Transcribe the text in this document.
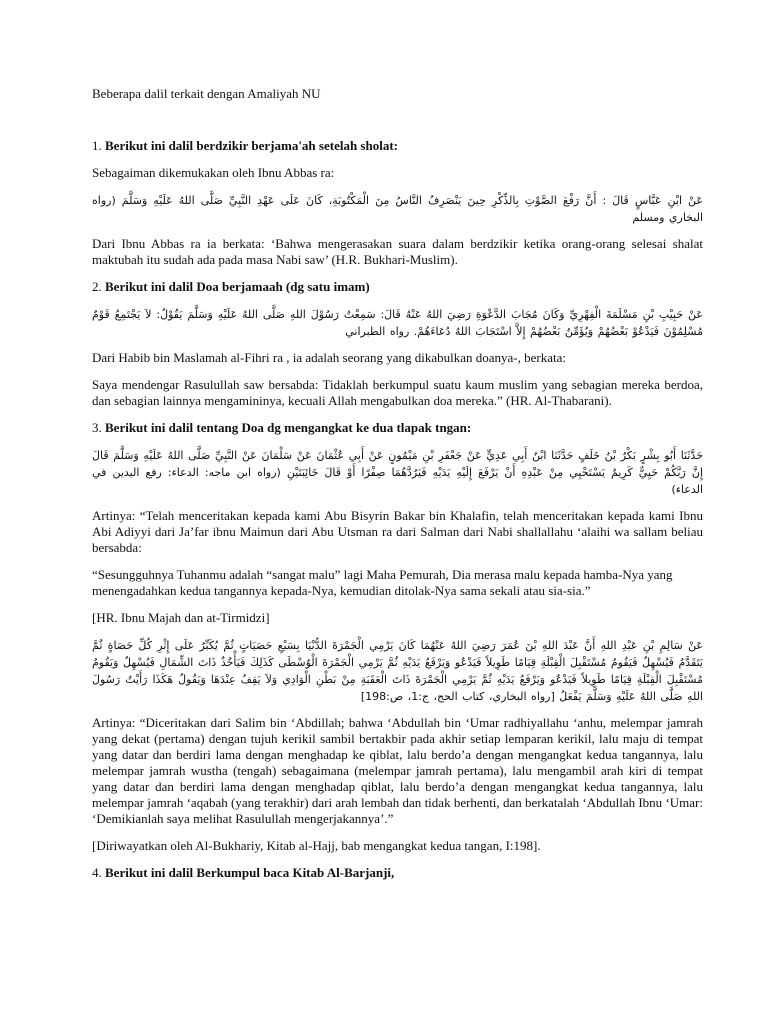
Beberapa dalil terkait dengan Amaliyah NU
1. Berikut ini dalil berdzikir berjama'ah setelah sholat:
Sebagaiman dikemukakan oleh Ibnu Abbas ra:
عَنْ ابْنِ عَبَّاسٍ قَالَ : أَنَّ رَفْعَ الصَّوْتِ بِالذِّكْرِ حِينَ يَنْصَرِفُ النَّاسُ مِنَ الْمَكْتُوبَةِ، كَانَ عَلَى عَهْدِ النَّبِيِّ صَلَّى اللهُ عَلَيْهِ وَسَلَّمَ (رواه البخاري ومسلم
Dari Ibnu Abbas ra ia berkata: ‘Bahwa mengerasakan suara dalam berdzikir ketika orang-orang selesai shalat maktubah itu sudah ada pada masa Nabi saw’ (H.R. Bukhari-Muslim).
2. Berikut ini dalil Doa berjamaah (dg satu imam)
عَنْ حَبِيْبِ بْنِ مَسْلَمَةَ الْفِهْرِيِّ وَكَانَ مُجَابَ الدَّعْوَةِ رَضِيَ اللهُ عَنْهُ قَالَ: سَمِعْتُ رَسُوْلَ اللهِ صَلَّى اللهُ عَلَيْهِ وَسَلَّمَ يَقُوْلُ: لاَ يَجْتَمِعُ قَوْمٌ مُسْلِمُوْنَ فَيَدْعُوْ بَعْضُهُمْ وَيُؤَمِّنُ بَعْضُهُمْ إِلاَّ اسْتَجَابَ اللهُ دُعَاءَهُمْ. رواه الطبراني
Dari Habib bin Maslamah al-Fihri ra , ia adalah seorang yang dikabulkan doanya-, berkata:
Saya mendengar Rasulullah saw bersabda: Tidaklah berkumpul suatu kaum muslim yang sebagian mereka berdoa, dan sebagian lainnya mengamininya, kecuali Allah mengabulkan doa mereka.” (HR. Al-Thabarani).
3. Berikut ini dalil tentang Doa dg mengangkat ke dua tlapak tngan:
حَدَّثَنَا أَبُو بِشْرٍ بَكْرُ بْنُ خَلَفٍ حَدَّثَنَا ابْنُ أَبِي عَدِيٍّ عَنْ جَعْفَرِ بْنِ مَيْمُونٍ عَنْ أَبِي عُثْمَانَ عَنْ سَلْمَانَ عَنْ النَّبِيِّ صَلَّى اللهُ عَلَيْهِ وَسَلَّمَ قَالَ إِنَّ رَبَّكُمْ حَيِيٌّ كَرِيمٌ يَسْتَحْيِي مِنْ عَبْدِهِ أَنْ يَرْفَعَ إِلَيْهِ يَدَيْهِ فَيَرُدَّهُمَا صِفْرًا أَوْ قَالَ خَائِبَتَيْنِ (رواه ابن ماجه: الدعاء: رفع اليدين في الدعاء)
Artinya: “Telah menceritakan kepada kami Abu Bisyrin Bakar bin Khalafin, telah menceritakan kepada kami Ibnu Abi Adiyyi dari Ja’far ibnu Maimun dari Abu Utsman ra dari Salman dari Nabi shallallahu ‘alaihi wa sallam beliau bersabda:
“Sesungguhnya Tuhanmu adalah “sangat malu” lagi Maha Pemurah, Dia merasa malu kepada hamba-Nya yang menengadahkan kedua tangannya kepada-Nya, kemudian ditolak-Nya sama sekali atau sia-sia.”
[HR. Ibnu Majah dan at-Tirmidzi]
عَنْ سَالِمِ بْنِ عَبْدِ اللهِ أَنَّ عَبْدَ اللهِ بْنَ عُمَرَ رَضِيَ اللهُ عَنْهُمَا كَانَ يَرْمِي الْجَمْرَةَ الدُّنْيَا بِسَبْعِ حَصَيَاتٍ ثُمَّ يُكَبِّرُ عَلَى إِثْرِ كُلِّ حَصَاةٍ ثُمَّ يَتَقَدَّمُ فَيُسْهِلُ فَيَقُومُ مُسْتَقْبِلَ الْقِبْلَةِ قِيَامًا طَوِيلاً فَيَدْعُو وَيَرْفَعُ يَدَيْهِ ثُمَّ يَرْمِي الْجَمْرَةَ الْوُسْطَى كَذَلِكَ فَيَأْخُذُ ذَاتَ الشِّمَالِ فَيُسْهِلُ وَيَقُومُ مُسْتَقْبِلَ الْقِبْلَةِ قِيَامًا طَوِيلاً فَيَدْعُو وَيَرْفَعُ يَدَيْهِ ثُمَّ يَرْمِي الْجَمْرَةَ ذَاتَ الْعَقَبَةِ مِنْ بَطْنِ الْوَادِي وَلاَ يَقِفُ عِنْدَهَا وَيَقُولُ هَكَذَا رَأَيْتُ رَسُولَ اللهِ صَلَّى اللهُ عَلَيْهِ وَسَلَّمَ يَفْعَلُ [رواه البخاري، كتاب الحج، ج:1، ص:198]
Artinya: “Diceritakan dari Salim bin ‘Abdillah; bahwa ‘Abdullah bin ‘Umar radhiyallahu ‘anhu, melempar jamrah yang dekat (pertama) dengan tujuh kerikil sambil bertakbir pada akhir setiap lemparan kerikil, lalu maju di tempat yang datar dan berdiri lama dengan menghadap ke qiblat, lalu berdo’a dengan mengangkat kedua tangannya, lalu melempar jamrah wustha (tengah) sebagaimana (melempar jamrah pertama), lalu mengambil arah kiri di tempat yang datar dan berdiri lama dengan menghadap qiblat, lalu berdo’a dengan mengangkat kedua tangannya, lalu melempar jamrah ‘aqabah (yang terakhir) dari arah lembah dan tidak berhenti, dan berkatalah ‘Abdullah Ibnu ‘Umar: ‘Demikianlah saya melihat Rasulullah mengerjakannya’.”
[Diriwayatkan oleh Al-Bukhariy, Kitab al-Hajj, bab mengangkat kedua tangan, I:198].
4. Berikut ini dalil Berkumpul baca Kitab Al-Barjanji,
